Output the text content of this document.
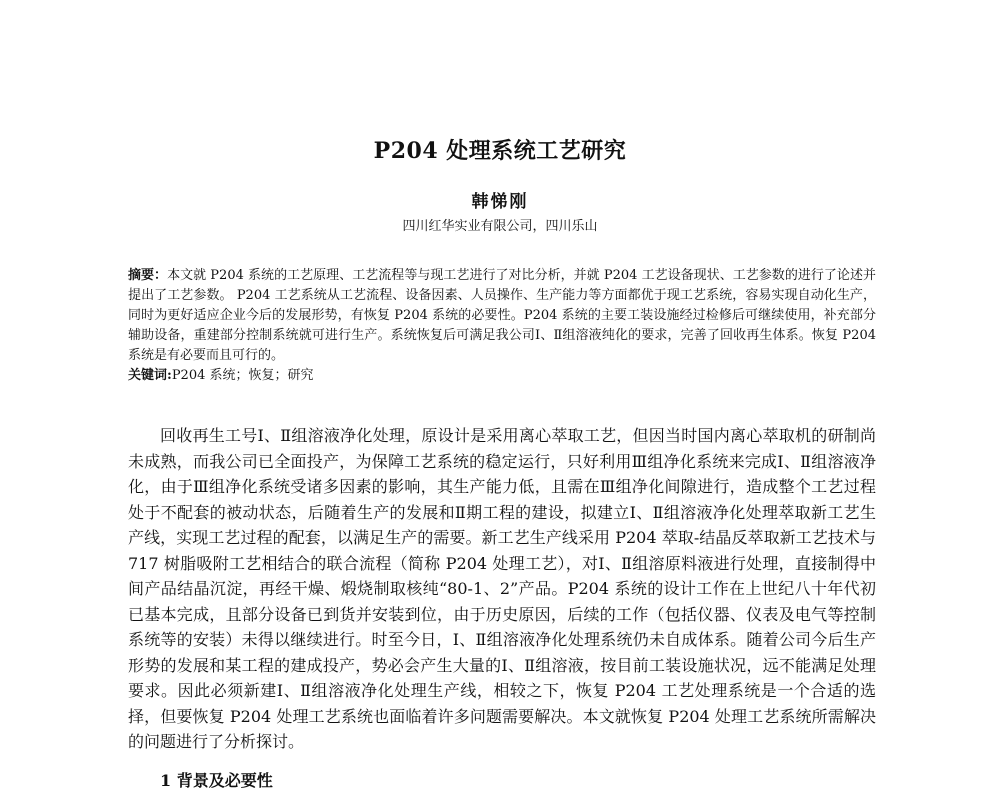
P204 处理系统工艺研究
韩悌刚
四川红华实业有限公司，四川乐山

摘要：本文就 P204 系统的工艺原理、工艺流程等与现工艺进行了对比分析，并就 P204 工艺设备现状、工艺参数的进行了论述并提出了工艺参数。 P204 工艺系统从工艺流程、设备因素、人员操作、生产能力等方面都优于现工艺系统，容易实现自动化生产，同时为更好适应企业今后的发展形势，有恢复 P204 系统的必要性。P204 系统的主要工装设施经过检修后可继续使用，补充部分辅助设备，重建部分控制系统就可进行生产。系统恢复后可满足我公司Ⅰ、Ⅱ组溶液纯化的要求，完善了回收再生体系。恢复 P204 系统是有必要而且可行的。

关键词:P204 系统；恢复；研究

回收再生工号Ⅰ、Ⅱ组溶液净化处理，原设计是采用离心萃取工艺，但因当时国内离心萃取机的研制尚未成熟，而我公司已全面投产，为保障工艺系统的稳定运行，只好利用Ⅲ组净化系统来完成Ⅰ、Ⅱ组溶液净化，由于Ⅲ组净化系统受诸多因素的影响，其生产能力低，且需在Ⅲ组净化间隙进行，造成整个工艺过程处于不配套的被动状态，后随着生产的发展和Ⅱ期工程的建设，拟建立Ⅰ、Ⅱ组溶液净化处理萃取新工艺生产线，实现工艺过程的配套，以满足生产的需要。新工艺生产线采用 P204 萃取-结晶反萃取新工艺技术与 717 树脂吸附工艺相结合的联合流程（简称 P204 处理工艺），对Ⅰ、Ⅱ组溶原料液进行处理，直接制得中间产品结晶沉淀，再经干燥、煅烧制取核纯“80-1、2”产品。P204 系统的设计工作在上世纪八十年代初已基本完成，且部分设备已到货并安装到位，由于历史原因，后续的工作（包括仪器、仪表及电气等控制系统等的安装）未得以继续进行。时至今日，Ⅰ、Ⅱ组溶液净化处理系统仍未自成体系。随着公司今后生产形势的发展和某工程的建成投产，势必会产生大量的Ⅰ、Ⅱ组溶液，按目前工装设施状况，远不能满足处理要求。因此必须新建Ⅰ、Ⅱ组溶液净化处理生产线，相较之下，恢复 P204 工艺处理系统是一个合适的选择，但要恢复 P204 处理工艺系统也面临着许多问题需要解决。本文就恢复 P204 处理工艺系统所需解决的问题进行了分析探讨。

1 背景及必要性
